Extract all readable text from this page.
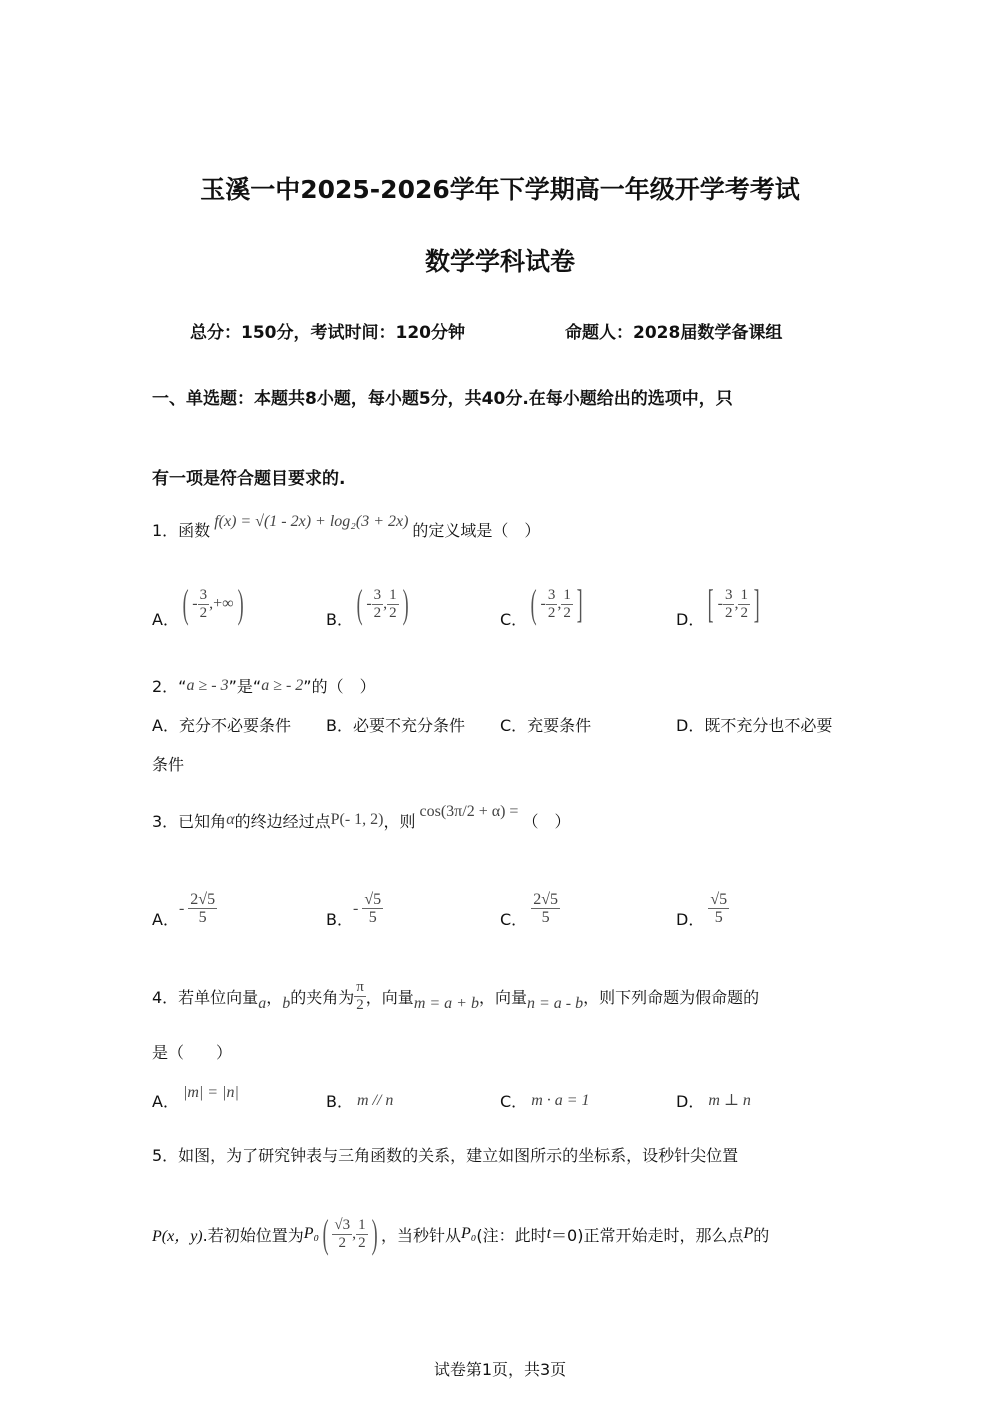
玉溪一中2025-2026学年下学期高一年级开学考考试
数学学科试卷
总分：150分，考试时间：120分钟	命题人：2028届数学备课组
一、单选题：本题共8小题，每小题5分，共40分.在每小题给出的选项中，只
有一项是符合题目要求的.
1．函数 f(x) = √(1 - 2x) + log₂(3 + 2x) 的定义域是（　）
A． ( - $\frac{3}{2}$ , +∞ )	B． ( - $\frac{3}{2}$ , $\frac{1}{2}$ )	C． ( - $\frac{3}{2}$ , $\frac{1}{2}$ ]	D． [ - $\frac{3}{2}$ , $\frac{1}{2}$ ]
2．“ a ≥ - 3 ”是“ a ≥ - 2 ”的（　）
A．充分不必要条件 B．必要不充分条件 C．充要条件	D．既不充分也不必要
条件
3．已知角 α 的终边经过点 P(- 1, 2) ，则 cos(3π/2 + α) = （　）
A．
- $\frac{2√5}{5}$	B．
- $\frac{√5}{5}$	C． $\frac{2√5}{5}$	D． $\frac{√5}{5}$
4．若单位向量 a ， b 的夹角为 $\frac{\pi}{2}$ ，向量 m = a + b ，向量 n = a - b ，则下列命题为假命题的
是（　　）
A． |m| = |n|	B． m // n	C． m · a = 1	D． m ⊥ n
5．如图，为了研究钟表与三角函数的关系，建立如图所示的坐标系，设秒针尖位置
P(x，y) .若初始位置为 P₀ ( $\frac{√3}{2}$ , $\frac{1}{2}$ ) ，当秒针从 P₀ (注：此时 t ＝0)正常开始走时，那么点 P 的
试卷第1页，共3页
